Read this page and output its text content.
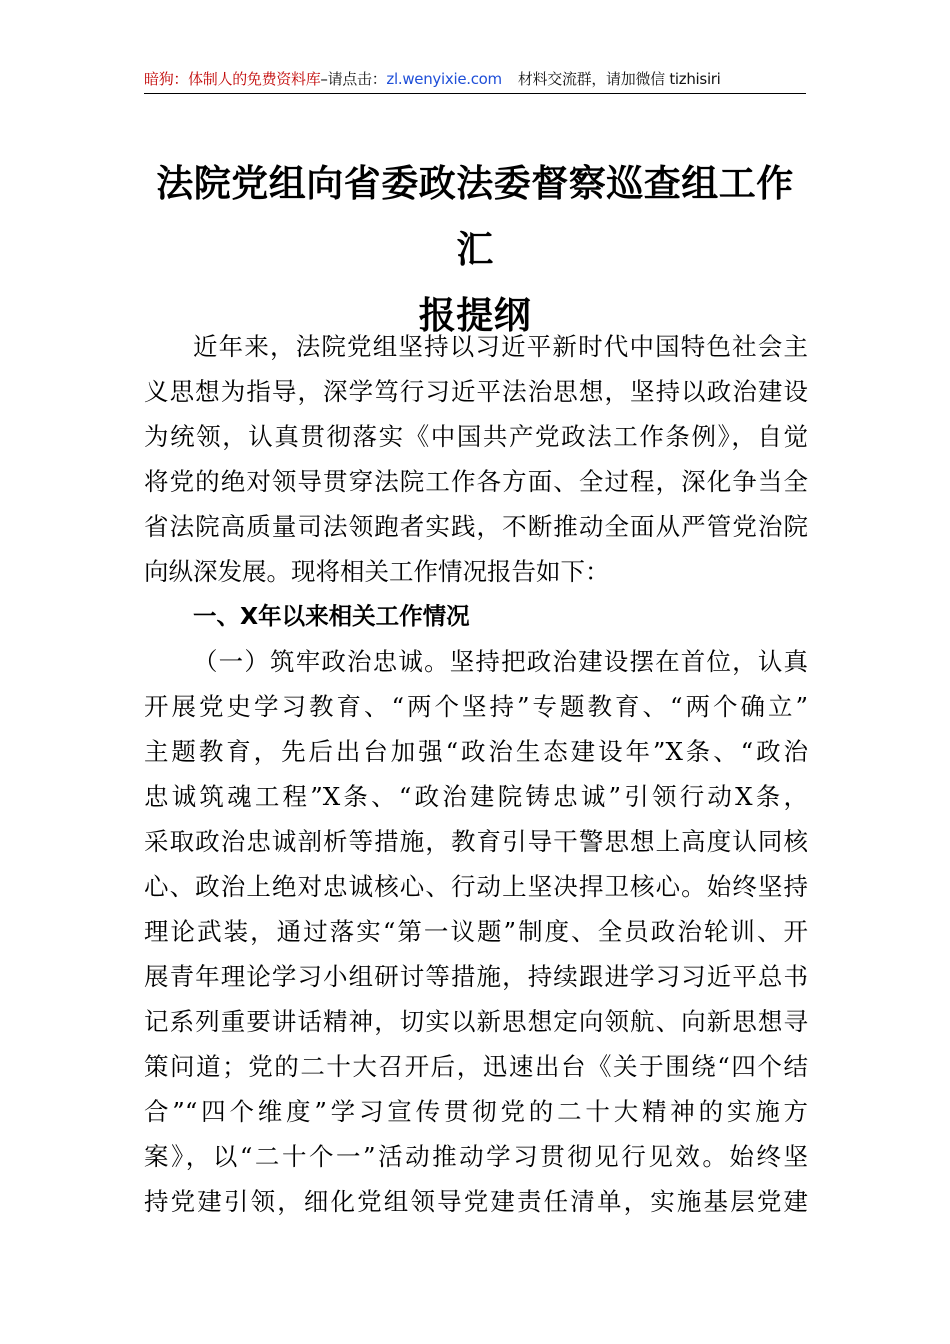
暗狗：体制人的免费资料库–请点击：zl.wenyixie.com 材料交流群，请加微信 tizhisiri
法院党组向省委政法委督察巡查组工作汇
报提纲
近年来，法院党组坚持以习近平新时代中国特色社会主
义思想为指导，深学笃行习近平法治思想，坚持以政治建设
为统领，认真贯彻落实《中国共产党政法工作条例》，自觉
将党的绝对领导贯穿法院工作各方面、全过程，深化争当全
省法院高质量司法领跑者实践，不断推动全面从严管党治院
向纵深发展。现将相关工作情况报告如下：
一、X年以来相关工作情况
（一）筑牢政治忠诚。坚持把政治建设摆在首位，认真
开展党史学习教育、“两个坚持”专题教育、“两个确立”
主题教育，先后出台加强“政治生态建设年”X条、“政治
忠诚筑魂工程”X条、“政治建院铸忠诚”引领行动X条，
采取政治忠诚剖析等措施，教育引导干警思想上高度认同核
心、政治上绝对忠诚核心、行动上坚决捍卫核心。始终坚持
理论武装，通过落实“第一议题”制度、全员政治轮训、开
展青年理论学习小组研讨等措施，持续跟进学习习近平总书
记系列重要讲话精神，切实以新思想定向领航、向新思想寻
策问道；党的二十大召开后，迅速出台《关于围绕“四个结
合”“四个维度”学习宣传贯彻党的二十大精神的实施方
案》，以“二十个一”活动推动学习贯彻见行见效。始终坚
持党建引领，细化党组领导党建责任清单，实施基层党建
